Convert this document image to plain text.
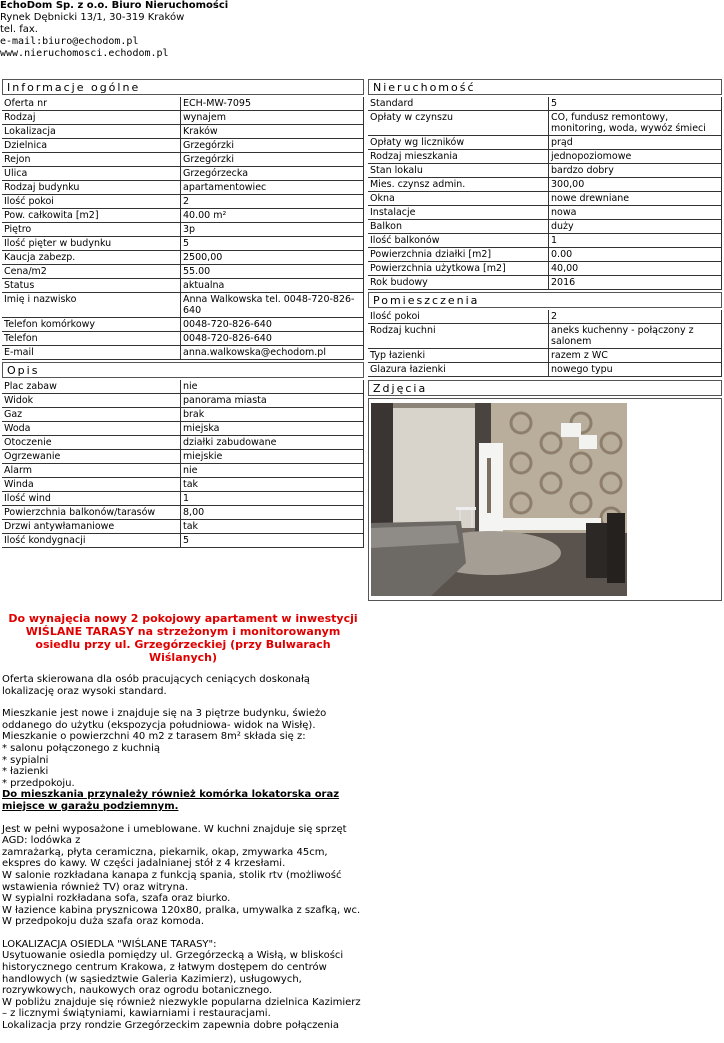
EchoDom Sp. z o.o. Biuro Nieruchomości
Rynek Dębnicki 13/1, 30-319 Kraków
tel. fax.
e-mail:biuro@echodom.pl
www.nieruchomosci.echodom.pl
Informacje ogólne
Oferta nr	ECH-MW-7095
Rodzaj	wynajem
Lokalizacja	Kraków
Dzielnica	Grzegórzki
Rejon	Grzegórzki
Ulica	Grzegórzecka
Rodzaj budynku	apartamentowiec
Ilość pokoi	2
Pow. całkowita [m2]	40.00 m²
Piętro	3p
Ilość pięter w budynku	5
Kaucja zabezp.	2500,00
Cena/m2	55.00
Status	aktualna
Imię i nazwisko	Anna Walkowska tel. 0048-720-826-640
Telefon komórkowy	0048-720-826-640
Telefon	0048-720-826-640
E-mail	anna.walkowska@echodom.pl
Opis
Plac zabaw	nie
Widok	panorama miasta
Gaz	brak
Woda	miejska
Otoczenie	działki zabudowane
Ogrzewanie	miejskie
Alarm	nie
Winda	tak
Ilość wind	1
Powierzchnia balkonów/tarasów	8,00
Drzwi antywłamaniowe	tak
Ilość kondygnacji	5
Nieruchomość
Standard	5
Opłaty w czynszu	CO, fundusz remontowy, monitoring, woda, wywóz śmieci
Opłaty wg liczników	prąd
Rodzaj mieszkania	jednopoziomowe
Stan lokalu	bardzo dobry
Mies. czynsz admin.	300,00
Okna	nowe drewniane
Instalacje	nowa
Balkon	duży
Ilość balkonów	1
Powierzchnia działki [m2]	0.00
Powierzchnia użytkowa [m2]	40,00
Rok budowy	2016
Pomieszczenia
Ilość pokoi	2
Rodzaj kuchni	aneks kuchenny - połączony z salonem
Typ łazienki	razem z WC
Glazura łazienki	nowego typu
Zdjęcia
Do wynajęcia nowy 2 pokojowy apartament w inwestycji WIŚLANE TARASY na strzeżonym i monitorowanym osiedlu przy ul. Grzegórzeckiej (przy Bulwarach Wiślanych)

Oferta skierowana dla osób pracujących ceniących doskonałą lokalizację oraz wysoki standard.

Mieszkanie jest nowe i znajduje się na 3 piętrze budynku, świeżo oddanego do użytku (ekspozycja południowa- widok na Wisłę).
Mieszkanie o powierzchni 40 m2 z tarasem 8m² składa się z:
* salonu połączonego z kuchnią
* sypialni
* łazienki
* przedpokoju.

Do mieszkania przynależy również komórka lokatorska oraz miejsce w garażu podziemnym.

Jest w pełni wyposażone i umeblowane. W kuchni znajduje się sprzęt AGD: lodówka z
zamrażarką, płyta ceramiczna, piekarnik, okap, zmywarka 45cm, ekspres do kawy. W części jadalnianej stół z 4 krzesłami.
W salonie rozkładana kanapa z funkcją spania, stolik rtv (możliwość wstawienia również TV) oraz witryna.
W sypialni rozkładana sofa, szafa oraz biurko.
W łazience kabina prysznicowa 120x80, pralka, umywalka z szafką, wc.
W przedpokoju duża szafa oraz komoda.

LOKALIZACJA OSIEDLA "WIŚLANE TARASY":
Usytuowanie osiedla pomiędzy ul. Grzegórzecką a Wisłą, w bliskości historycznego centrum Krakowa, z łatwym dostępem do centrów handlowych (w sąsiedztwie Galeria Kazimierz), usługowych, rozrywkowych, naukowych oraz ogrodu botanicznego.
W pobliżu znajduje się również niezwykle popularna dzielnica Kazimierz – z licznymi świątyniami, kawiarniami i restauracjami.
Lokalizacja przy rondzie Grzegórzeckim zapewnia dobre połączenia
